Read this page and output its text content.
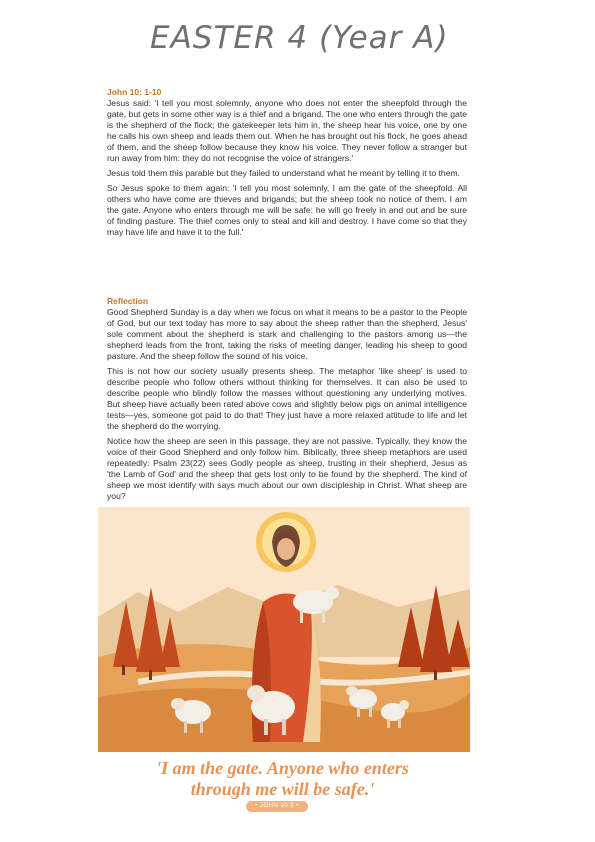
EASTER 4 (Year A)
John 10: 1-10

Jesus said: 'I tell you most solemnly, anyone who does not enter the sheepfold through the gate, but gets in some other way is a thief and a brigand. The one who enters through the gate is the shepherd of the flock; the gatekeeper lets him in, the sheep hear his voice, one by one he calls his own sheep and leads them out. When he has brought out his flock, he goes ahead of them, and the sheep follow because they know his voice. They never follow a stranger but run away from him: they do not recognise the voice of strangers.'

Jesus told them this parable but they failed to understand what he meant by telling it to them.

So Jesus spoke to them again: 'I tell you most solemnly, I am the gate of the sheepfold. All others who have come are thieves and brigands; but the sheep took no notice of them. I am the gate. Anyone who enters through me will be safe: he will go freely in and out and be sure of finding pasture. The thief comes only to steal and kill and destroy. I have come so that they may have life and have it to the full.'

Reflection

Good Shepherd Sunday is a day when we focus on what it means to be a pastor to the People of God, but our text today has more to say about the sheep rather than the shepherd. Jesus' sole comment about the shepherd is stark and challenging to the pastors among us—the shepherd leads from the front, taking the risks of meeting danger, leading his sheep to good pasture. And the sheep follow the sound of his voice.

This is not how our society usually presents sheep. The metaphor 'like sheep' is used to describe people who follow others without thinking for themselves. It can also be used to describe people who blindly follow the masses without questioning any underlying motives. But sheep have actually been rated above cows and slightly below pigs on animal intelligence tests—yes, someone got paid to do that! They just have a more relaxed attitude to life and let the shepherd do the worrying.

Notice how the sheep are seen in this passage, they are not passive. Typically, they know the voice of their Good Shepherd and only follow him. Biblically, three sheep metaphors are used repeatedly: Psalm 23(22) sees Godly people as sheep, trusting in their shepherd, Jesus as 'the Lamb of God' and the sheep that gets lost only to be found by the shepherd. The kind of sheep we most identify with says much about our own discipleship in Christ. What sheep are you?

'I am the gate. Anyone who enters
through me will be safe.'
• JOHN 10:9 •
